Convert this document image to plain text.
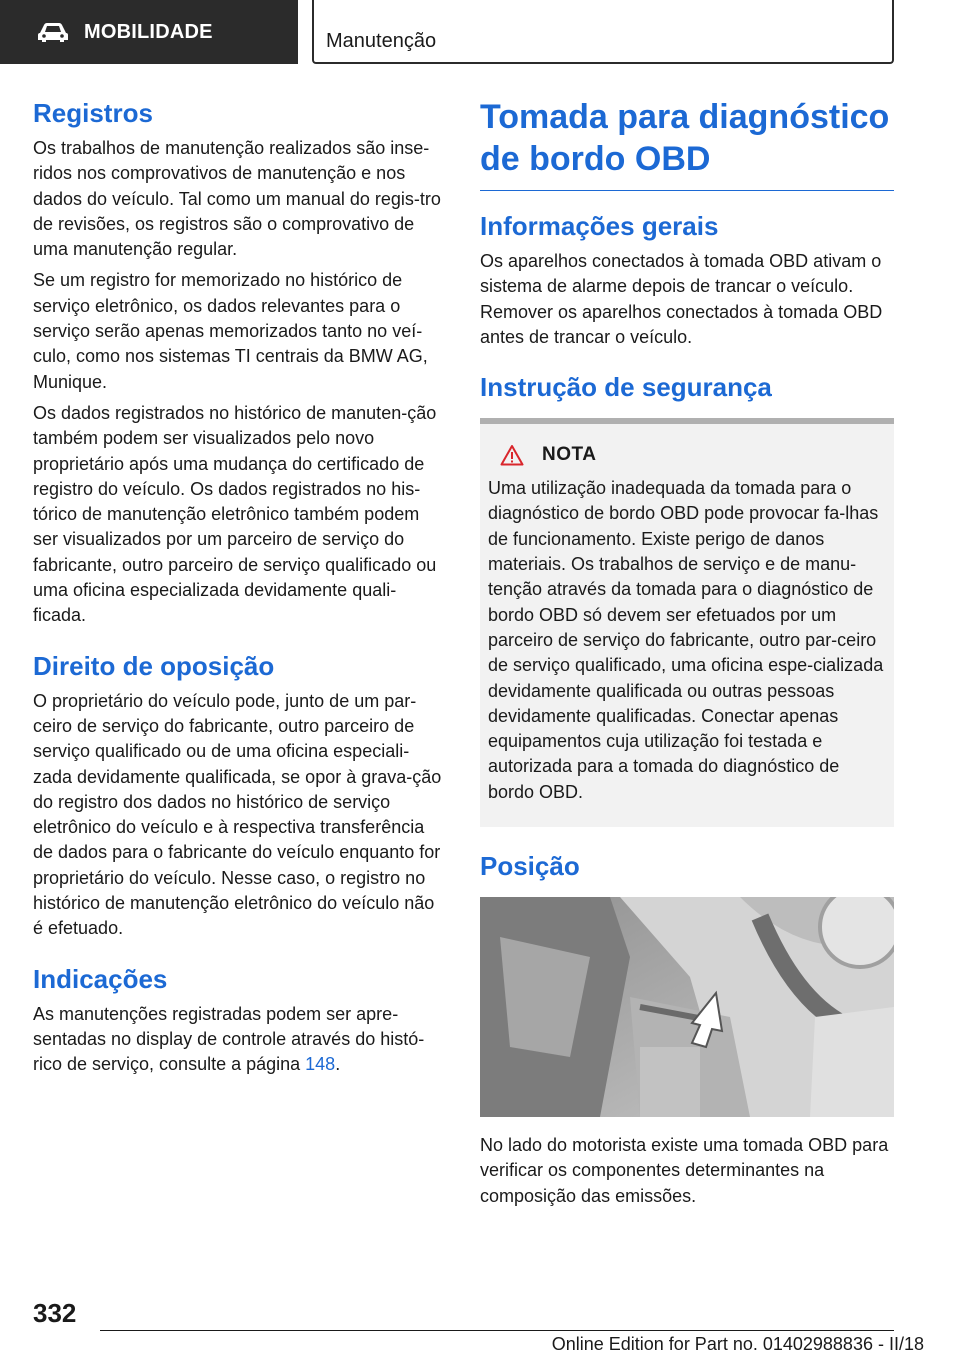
MOBILIDADE	Manutenção
Registros

Os trabalhos de manutenção realizados são inse-ridos nos comprovativos de manutenção e nos dados do veículo. Tal como um manual do regis-tro de revisões, os registros são o comprovativo de uma manutenção regular.

Se um registro for memorizado no histórico de serviço eletrônico, os dados relevantes para o serviço serão apenas memorizados tanto no veí-culo, como nos sistemas TI centrais da BMW AG, Munique.

Os dados registrados no histórico de manuten-ção também podem ser visualizados pelo novo proprietário após uma mudança do certificado de registro do veículo. Os dados registrados no his-tórico de manutenção eletrônico também podem ser visualizados por um parceiro de serviço do fabricante, outro parceiro de serviço qualificado ou uma oficina especializada devidamente quali-ficada.

Direito de oposição

O proprietário do veículo pode, junto de um par-ceiro de serviço do fabricante, outro parceiro de serviço qualificado ou de uma oficina especiali-zada devidamente qualificada, se opor à grava-ção do registro dos dados no histórico de serviço eletrônico do veículo e à respectiva transferência de dados para o fabricante do veículo enquanto for proprietário do veículo. Nesse caso, o registro no histórico de manutenção eletrônico do veículo não é efetuado.

Indicações

As manutenções registradas podem ser apre-sentadas no display de controle através do histó-rico de serviço, consulte a página 148.

Tomada para diagnóstico de bordo OBD
Informações gerais

Os aparelhos conectados à tomada OBD ativam o sistema de alarme depois de trancar o veículo. Remover os aparelhos conectados à tomada OBD antes de trancar o veículo.

Instrução de segurança
NOTA

Uma utilização inadequada da tomada para o diagnóstico de bordo OBD pode provocar fa-lhas de funcionamento. Existe perigo de danos materiais. Os trabalhos de serviço e de manu-tenção através da tomada para o diagnóstico de bordo OBD só devem ser efetuados por um parceiro de serviço do fabricante, outro par-ceiro de serviço qualificado, uma oficina espe-cializada devidamente qualificada ou outras pessoas devidamente qualificadas. Conectar apenas equipamentos cuja utilização foi testada e autorizada para a tomada do diagnóstico de bordo OBD.

Posição

No lado do motorista existe uma tomada OBD para verificar os componentes determinantes na composição das emissões.

332
Online Edition for Part no. 01402988836 - II/18
